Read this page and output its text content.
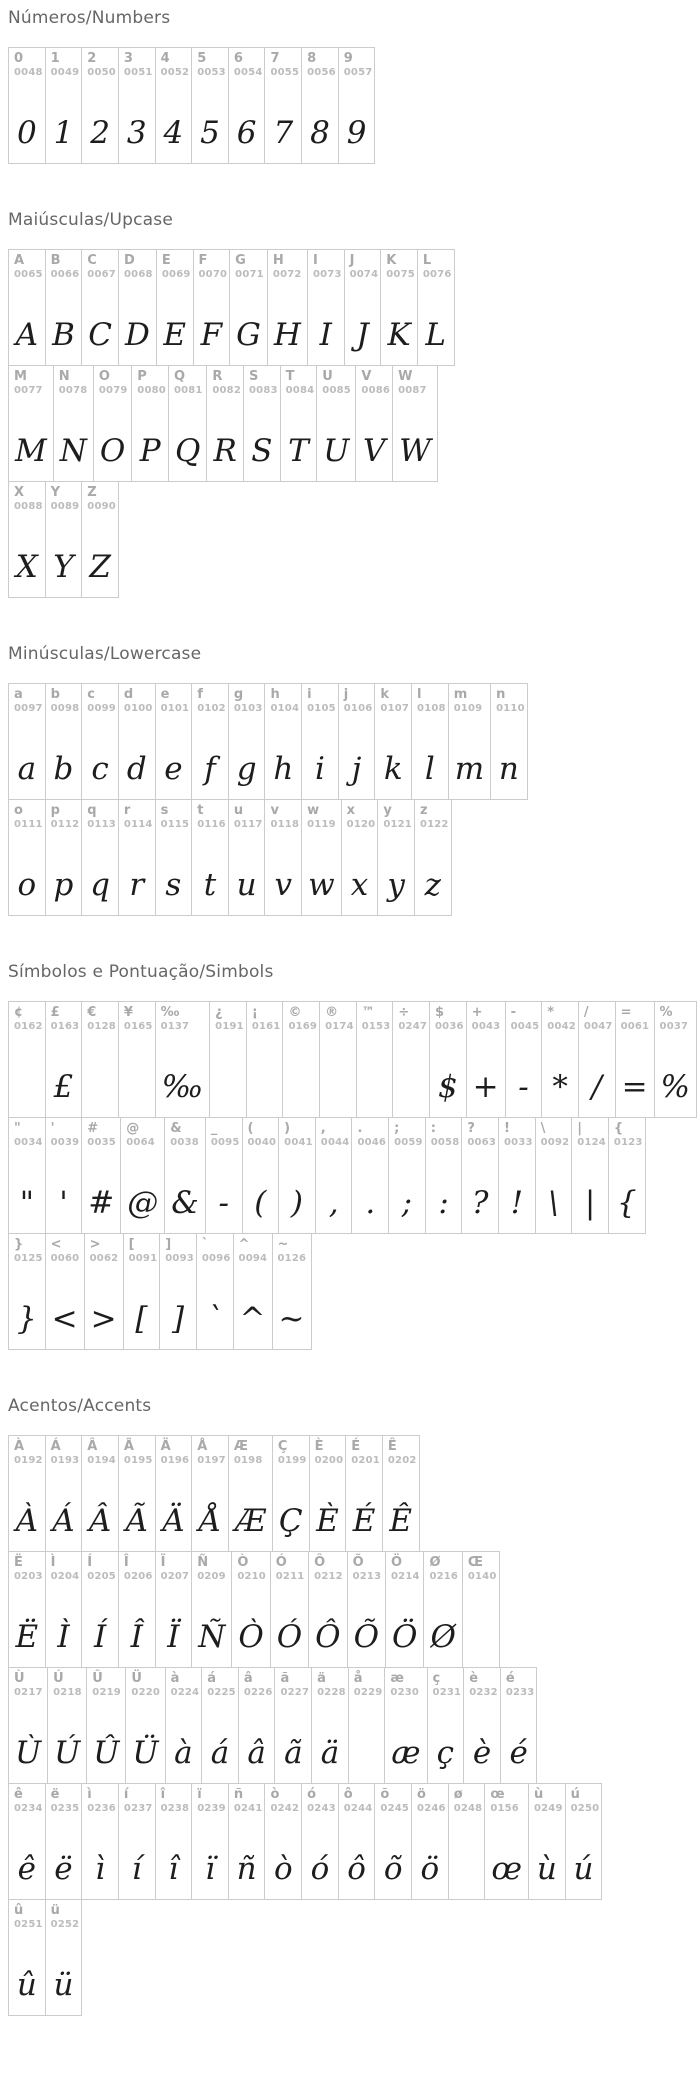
Números/Numbers
0
0048
0
1
0049
1
2
0050
2
3
0051
3
4
0052
4
5
0053
5
6
0054
6
7
0055
7
8
0056
8
9
0057
9
Maiúsculas/Upcase
A
0065
A
B
0066
B
C
0067
C
D
0068
D
E
0069
E
F
0070
F
G
0071
G
H
0072
H
I
0073
I
J
0074
J
K
0075
K
L
0076
L
M
0077
M
N
0078
N
O
0079
O
P
0080
P
Q
0081
Q
R
0082
R
S
0083
S
T
0084
T
U
0085
U
V
0086
V
W
0087
W
X
0088
X
Y
0089
Y
Z
0090
Z
Minúsculas/Lowercase
a
0097
a
b
0098
b
c
0099
c
d
0100
d
e
0101
e
f
0102
f
g
0103
g
h
0104
h
i
0105
i
j
0106
j
k
0107
k
l
0108
l
m
0109
m
n
0110
n
o
0111
o
p
0112
p
q
0113
q
r
0114
r
s
0115
s
t
0116
t
u
0117
u
v
0118
v
w
0119
w
x
0120
x
y
0121
y
z
0122
z
Símbolos e Pontuação/Simbols
¢
0162
£
0163
£
€
0128
¥
0165
‰
0137
‰
¿
0191
¡
0161
©
0169
®
0174
™
0153
÷
0247
$
0036
$
+
0043
+
-
0045
-
*
0042
*
/
0047
/
=
0061
=
%
0037
%
"
0034
"
'
0039
'
#
0035
#
@
0064
@
&
0038
&
_
0095
-
(
0040
(
)
0041
)
,
0044
,
.
0046
.
;
0059
;
:
0058
:
?
0063
?
!
0033
!
\
0092
\
|
0124
|
{
0123
{
}
0125
}
<
0060
<
>
0062
>
[
0091
[
]
0093
]
`
0096
`
^
0094
^
~
0126
~
Acentos/Accents
À
0192
À
Á
0193
Á
Â
0194
Â
Ã
0195
Ã
Ä
0196
Ä
Å
0197
Å
Æ
0198
Æ
Ç
0199
Ç
È
0200
È
É
0201
É
Ê
0202
Ê
Ë
0203
Ë
Ì
0204
Ì
Í
0205
Í
Î
0206
Î
Ï
0207
Ï
Ñ
0209
Ñ
Ò
0210
Ò
Ó
0211
Ó
Ô
0212
Ô
Õ
0213
Õ
Ö
0214
Ö
Ø
0216
Ø
Œ
0140
Ù
0217
Ù
Ú
0218
Ú
Û
0219
Û
Ü
0220
Ü
à
0224
à
á
0225
á
â
0226
â
ã
0227
ã
ä
0228
ä
å
0229
æ
0230
æ
ç
0231
ç
è
0232
è
é
0233
é
ê
0234
ê
ë
0235
ë
ì
0236
ì
í
0237
í
î
0238
î
ï
0239
ï
ñ
0241
ñ
ò
0242
ò
ó
0243
ó
ô
0244
ô
õ
0245
õ
ö
0246
ö
ø
0248
œ
0156
œ
ù
0249
ù
ú
0250
ú
û
0251
û
ü
0252
ü
